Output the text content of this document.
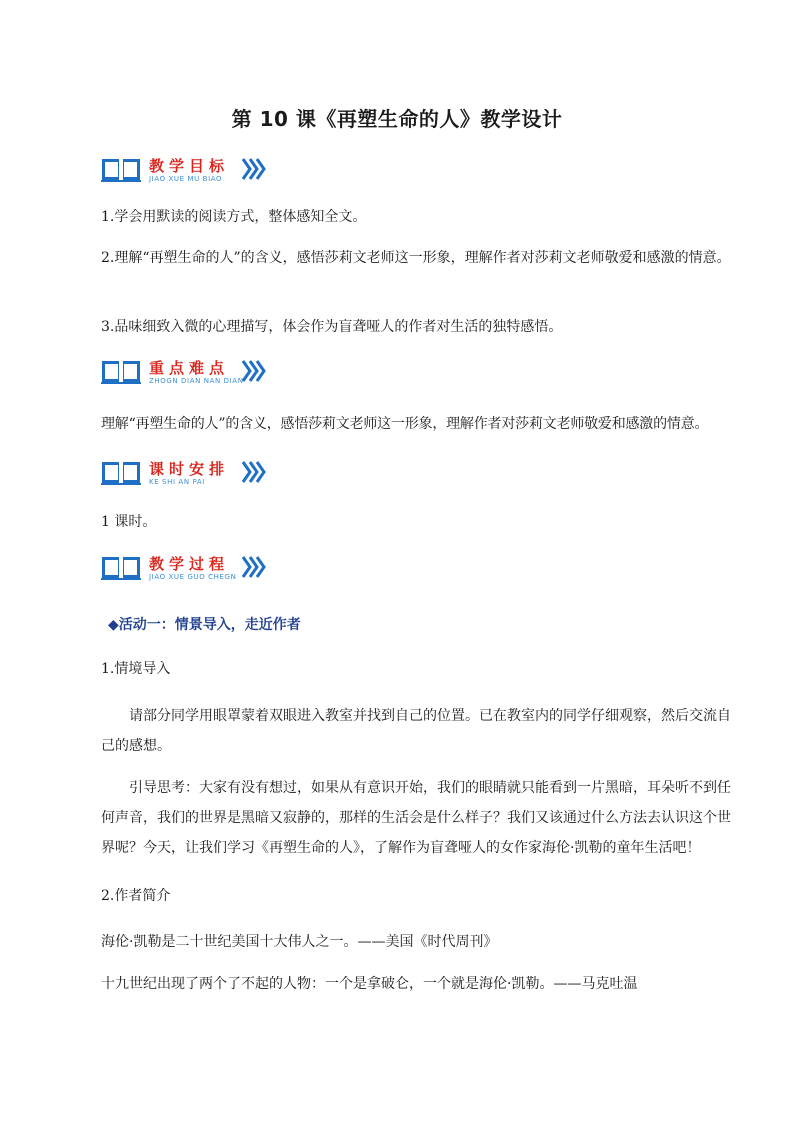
第 10 课《再塑生命的人》教学设计
教学目标
JIAO XUE MU BIAO
1.学会用默读的阅读方式，整体感知全文。
2.理解“再塑生命的人”的含义，感悟莎莉文老师这一形象，理解作者对莎莉文老师敬爱和感激的情意。
3.品味细致入微的心理描写，体会作为盲聋哑人的作者对生活的独特感悟。
重点难点
ZHOGN DIAN NAN DIAN
理解“再塑生命的人”的含义，感悟莎莉文老师这一形象，理解作者对莎莉文老师敬爱和感激的情意。
课时安排
KE SHI AN PAI
1 课时。
教学过程
JIAO XUE GUO CHEGN
◆活动一：情景导入，走近作者
1.情境导入
请部分同学用眼罩蒙着双眼进入教室并找到自己的位置。已在教室内的同学仔细观察，然后交流自己的感想。
引导思考：大家有没有想过，如果从有意识开始，我们的眼睛就只能看到一片黑暗，耳朵听不到任何声音，我们的世界是黑暗又寂静的，那样的生活会是什么样子？我们又该通过什么方法去认识这个世界呢？今天，让我们学习《再塑生命的人》，了解作为盲聋哑人的女作家海伦·凯勒的童年生活吧！
2.作者简介
海伦·凯勒是二十世纪美国十大伟人之一。——美国《时代周刊》
十九世纪出现了两个了不起的人物：一个是拿破仑，一个就是海伦·凯勒。——马克吐温
